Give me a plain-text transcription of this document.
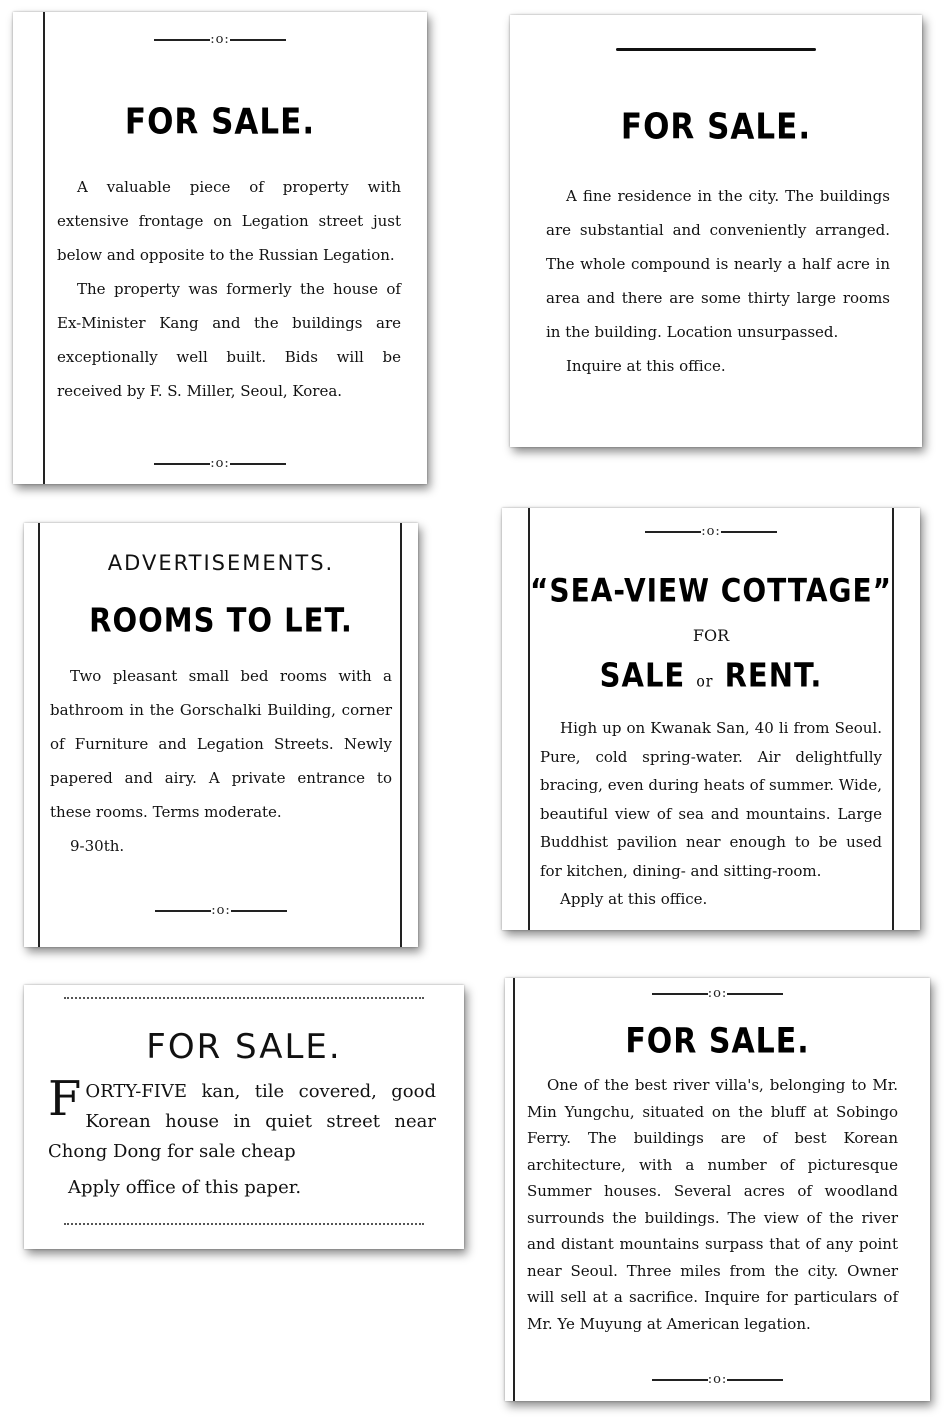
:o:
FOR SALE.

A valuable piece of property with extensive frontage on Legation street just below and opposite to the Russian Legation.

The property was formerly the house of Ex-Minister Kang and the buildings are exceptionally well built. Bids will be received by F. S. Miller, Seoul, Korea.

:o:
FOR SALE.

A fine residence in the city. The buildings are substantial and conveniently arranged. The whole compound is nearly a half acre in area and there are some thirty large rooms in the building. Location unsurpassed.

Inquire at this office.

ADVERTISEMENTS.
ROOMS TO LET.

Two pleasant small bed rooms with a bathroom in the Gorschalki Building, corner of Furniture and Legation Streets. Newly papered and airy. A private entrance to these rooms. Terms moderate.

9-30th.

:o:
:o:
“SEA-VIEW COTTAGE”
FOR
SALE or RENT.

High up on Kwanak San, 40 li from Seoul. Pure, cold spring-water. Air delightfully bracing, even during heats of summer. Wide, beautiful view of sea and mountains. Large Buddhist pavilion near enough to be used for kitchen, dining- and sitting-room.

Apply at this office.

FOR SALE.

FORTY-FIVE kan, tile covered, good Korean house in quiet street near Chong Dong for sale cheap

Apply office of this paper.

:o:
FOR SALE.

One of the best river villa's, belonging to Mr. Min Yungchu, situated on the bluff at Sobingo Ferry. The buildings are of best Korean architecture, with a number of picturesque Summer houses. Several acres of woodland surrounds the buildings. The view of the river and distant mountains surpass that of any point near Seoul. Three miles from the city. Owner will sell at a sacrifice. Inquire for particulars of Mr. Ye Muyung at American legation.

:o:
